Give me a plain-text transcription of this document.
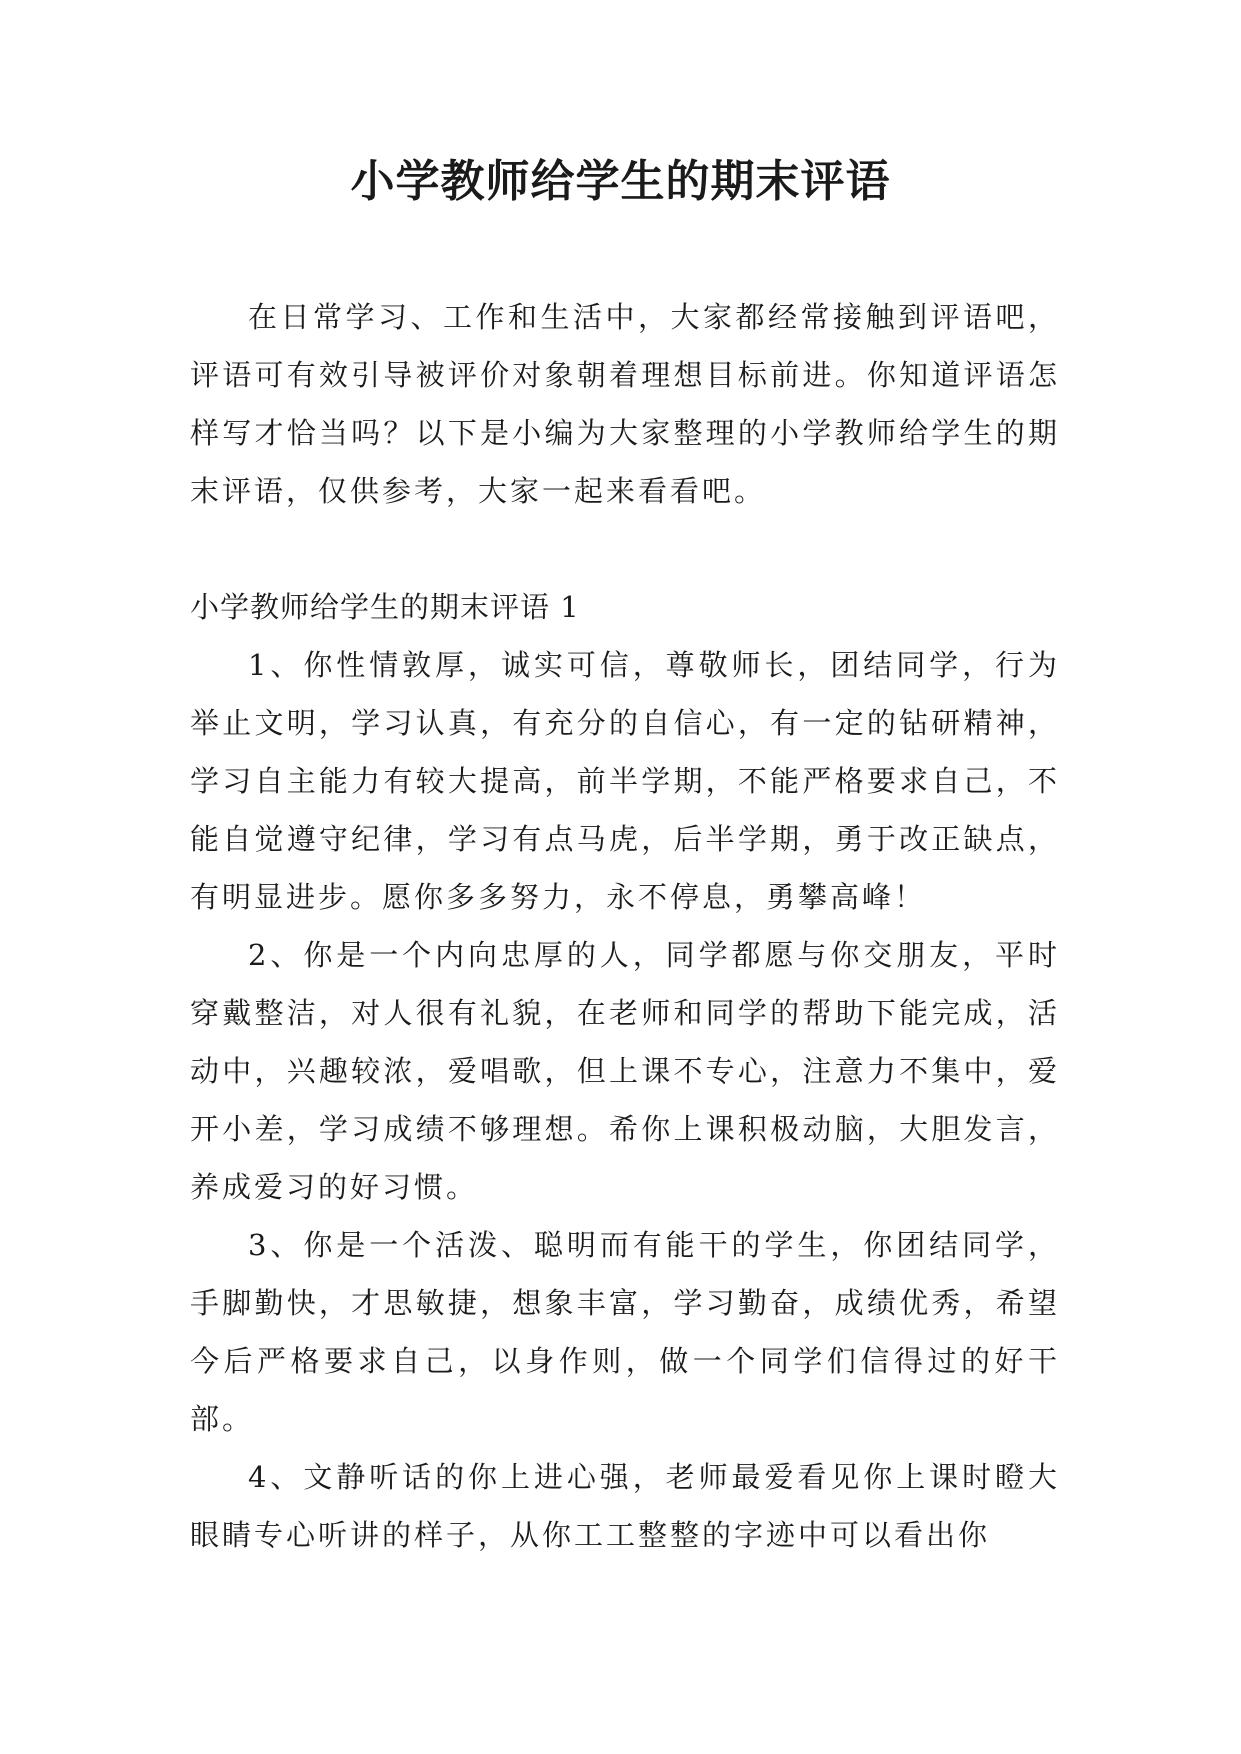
小学教师给学生的期末评语

在日常学习、工作和生活中，大家都经常接触到评语吧，评语可有效引导被评价对象朝着理想目标前进。你知道评语怎样写才恰当吗？以下是小编为大家整理的小学教师给学生的期末评语，仅供参考，大家一起来看看吧。

小学教师给学生的期末评语 1

1、你性情敦厚，诚实可信，尊敬师长，团结同学，行为举止文明，学习认真，有充分的自信心，有一定的钻研精神，学习自主能力有较大提高，前半学期，不能严格要求自己，不能自觉遵守纪律，学习有点马虎，后半学期，勇于改正缺点，有明显进步。愿你多多努力，永不停息，勇攀高峰！

2、你是一个内向忠厚的人，同学都愿与你交朋友，平时穿戴整洁，对人很有礼貌，在老师和同学的帮助下能完成，活动中，兴趣较浓，爱唱歌，但上课不专心，注意力不集中，爱开小差，学习成绩不够理想。希你上课积极动脑，大胆发言，养成爱习的好习惯。

3、你是一个活泼、聪明而有能干的学生，你团结同学，手脚勤快，才思敏捷，想象丰富，学习勤奋，成绩优秀，希望今后严格要求自己，以身作则，做一个同学们信得过的好干部。

4、文静听话的你上进心强，老师最爱看见你上课时瞪大眼睛专心听讲的样子，从你工工整整的字迹中可以看出你
